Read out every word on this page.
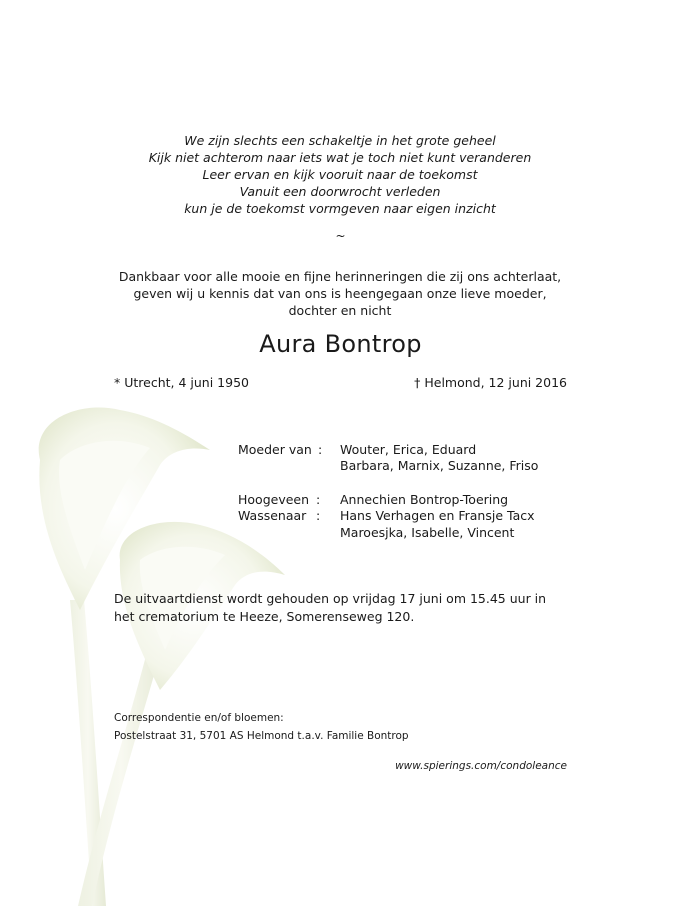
We zijn slechts een schakeltje in het grote geheel
Kijk niet achterom naar iets wat je toch niet kunt veranderen
Leer ervan en kijk vooruit naar de toekomst
Vanuit een doorwrocht verleden
kun je de toekomst vormgeven naar eigen inzicht
~
Dankbaar voor alle mooie en fijne herinneringen die zij ons achterlaat,
geven wij u kennis dat van ons is heengegaan onze lieve moeder,
dochter en nicht
Aura Bontrop
* Utrecht, 4 juni 1950	† Helmond, 12 juni 2016
Moeder van : Wouter, Erica, Eduard
Barbara, Marnix, Suzanne, Friso
Hoogeveen : Annechien Bontrop-Toering
Wassenaar : Hans Verhagen en Fransje Tacx
Maroesjka, Isabelle, Vincent
De uitvaartdienst wordt gehouden op vrijdag 17 juni om 15.45 uur in
het crematorium te Heeze, Somerenseweg 120.
Correspondentie en/of bloemen:
Postelstraat 31, 5701 AS Helmond t.a.v. Familie Bontrop
www.spierings.com/condoleance
